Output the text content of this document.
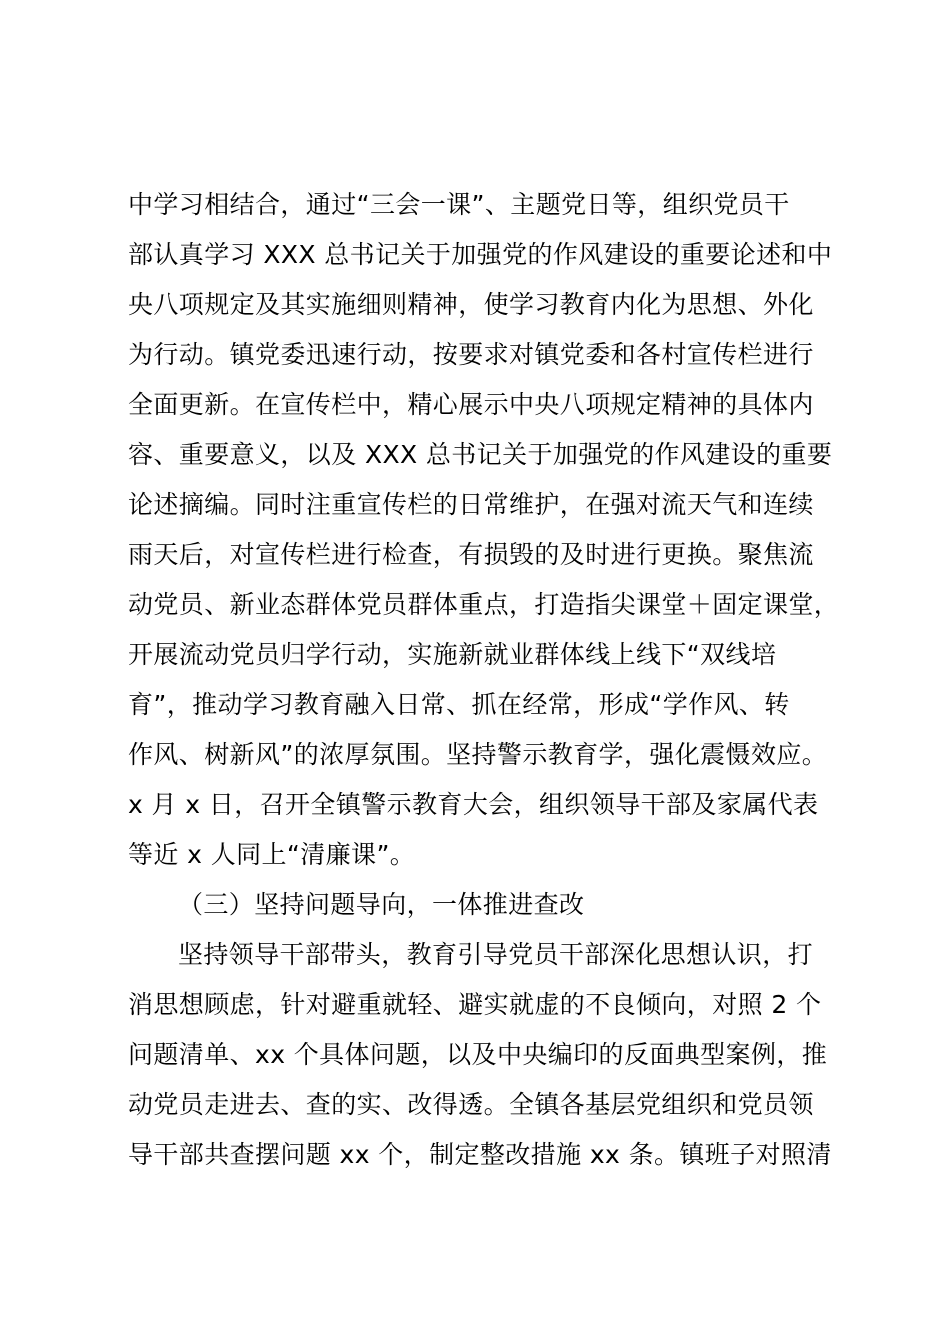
中学习相结合，通过“三会一课”、主题党日等，组织党员干
部认真学习 XXX 总书记关于加强党的作风建设的重要论述和中
央八项规定及其实施细则精神，使学习教育内化为思想、外化
为行动。镇党委迅速行动，按要求对镇党委和各村宣传栏进行
全面更新。在宣传栏中，精心展示中央八项规定精神的具体内
容、重要意义，以及 XXX 总书记关于加强党的作风建设的重要
论述摘编。同时注重宣传栏的日常维护，在强对流天气和连续
雨天后，对宣传栏进行检查，有损毁的及时进行更换。聚焦流
动党员、新业态群体党员群体重点，打造指尖课堂＋固定课堂，
开展流动党员归学行动，实施新就业群体线上线下“双线培
育”，推动学习教育融入日常、抓在经常，形成“学作风、转
作风、树新风”的浓厚氛围。坚持警示教育学，强化震慑效应。
x 月 x 日，召开全镇警示教育大会，组织领导干部及家属代表
等近 x 人同上“清廉课”。
（三）坚持问题导向，一体推进查改
坚持领导干部带头，教育引导党员干部深化思想认识，打
消思想顾虑，针对避重就轻、避实就虚的不良倾向，对照 2 个
问题清单、xx 个具体问题，以及中央编印的反面典型案例，推
动党员走进去、查的实、改得透。全镇各基层党组织和党员领
导干部共查摆问题 xx 个，制定整改措施 xx 条。镇班子对照清
